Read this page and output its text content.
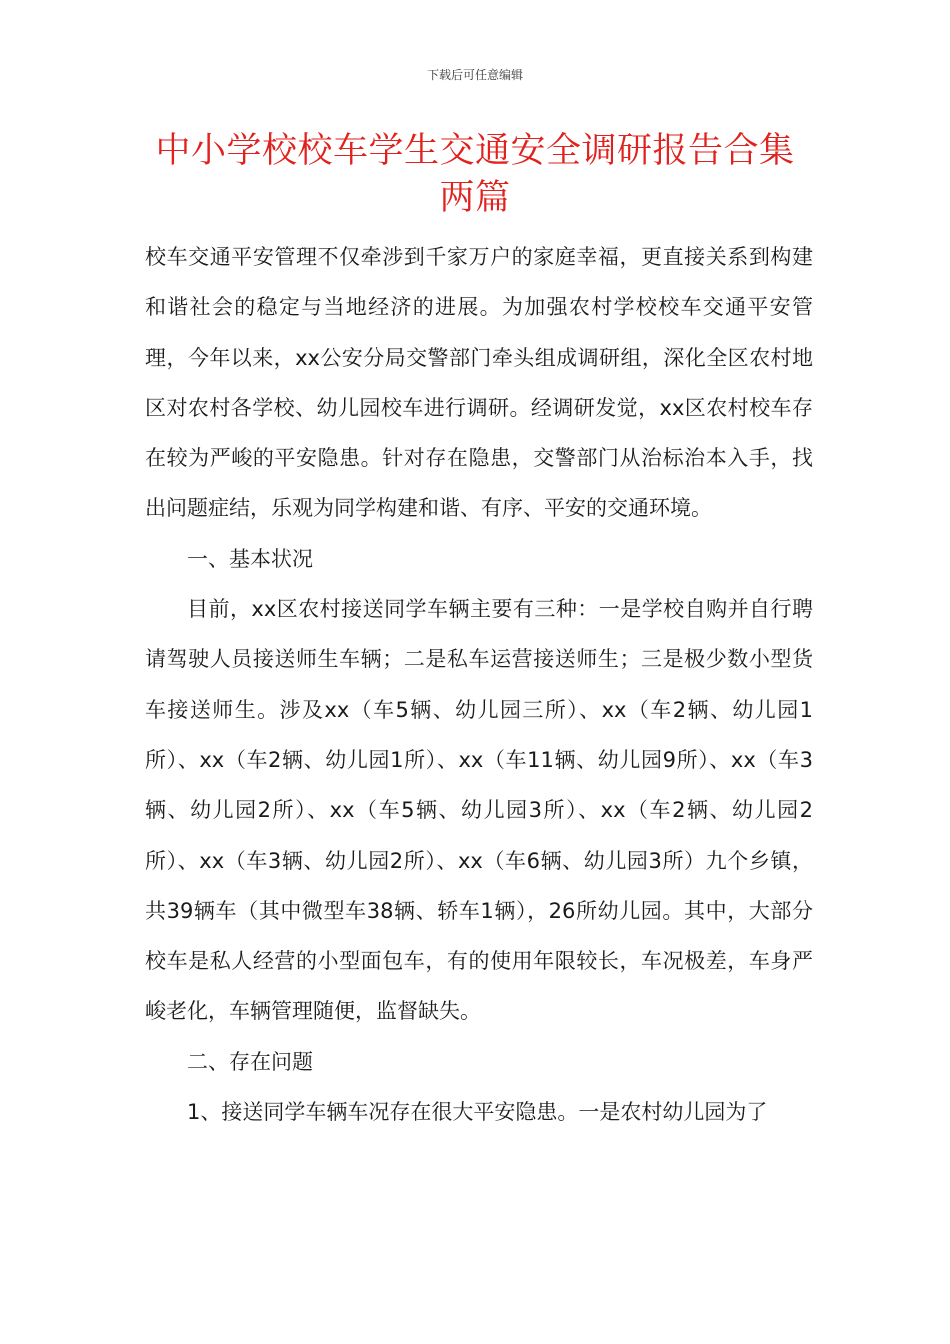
下载后可任意编辑
中小学校校车学生交通安全调研报告合集
两篇

校车交通平安管理不仅牵涉到千家万户的家庭幸福，更直接关系到构建和谐社会的稳定与当地经济的进展。为加强农村学校校车交通平安管理，今年以来，xx公安分局交警部门牵头组成调研组，深化全区农村地区对农村各学校、幼儿园校车进行调研。经调研发觉，xx区农村校车存在较为严峻的平安隐患。针对存在隐患，交警部门从治标治本入手，找出问题症结，乐观为同学构建和谐、有序、平安的交通环境。

一、基本状况

目前，xx区农村接送同学车辆主要有三种：一是学校自购并自行聘请驾驶人员接送师生车辆；二是私车运营接送师生；三是极少数小型货车接送师生。涉及xx（车5辆、幼儿园三所）、xx（车2辆、幼儿园1所）、xx（车2辆、幼儿园1所）、xx（车11辆、幼儿园9所）、xx（车3辆、幼儿园2所）、xx（车5辆、幼儿园3所）、xx（车2辆、幼儿园2所）、xx（车3辆、幼儿园2所）、xx（车6辆、幼儿园3所）九个乡镇，共39辆车（其中微型车38辆、轿车1辆），26所幼儿园。其中，大部分校车是私人经营的小型面包车，有的使用年限较长，车况极差，车身严峻老化，车辆管理随便，监督缺失。

二、存在问题

1、接送同学车辆车况存在很大平安隐患。一是农村幼儿园为了
